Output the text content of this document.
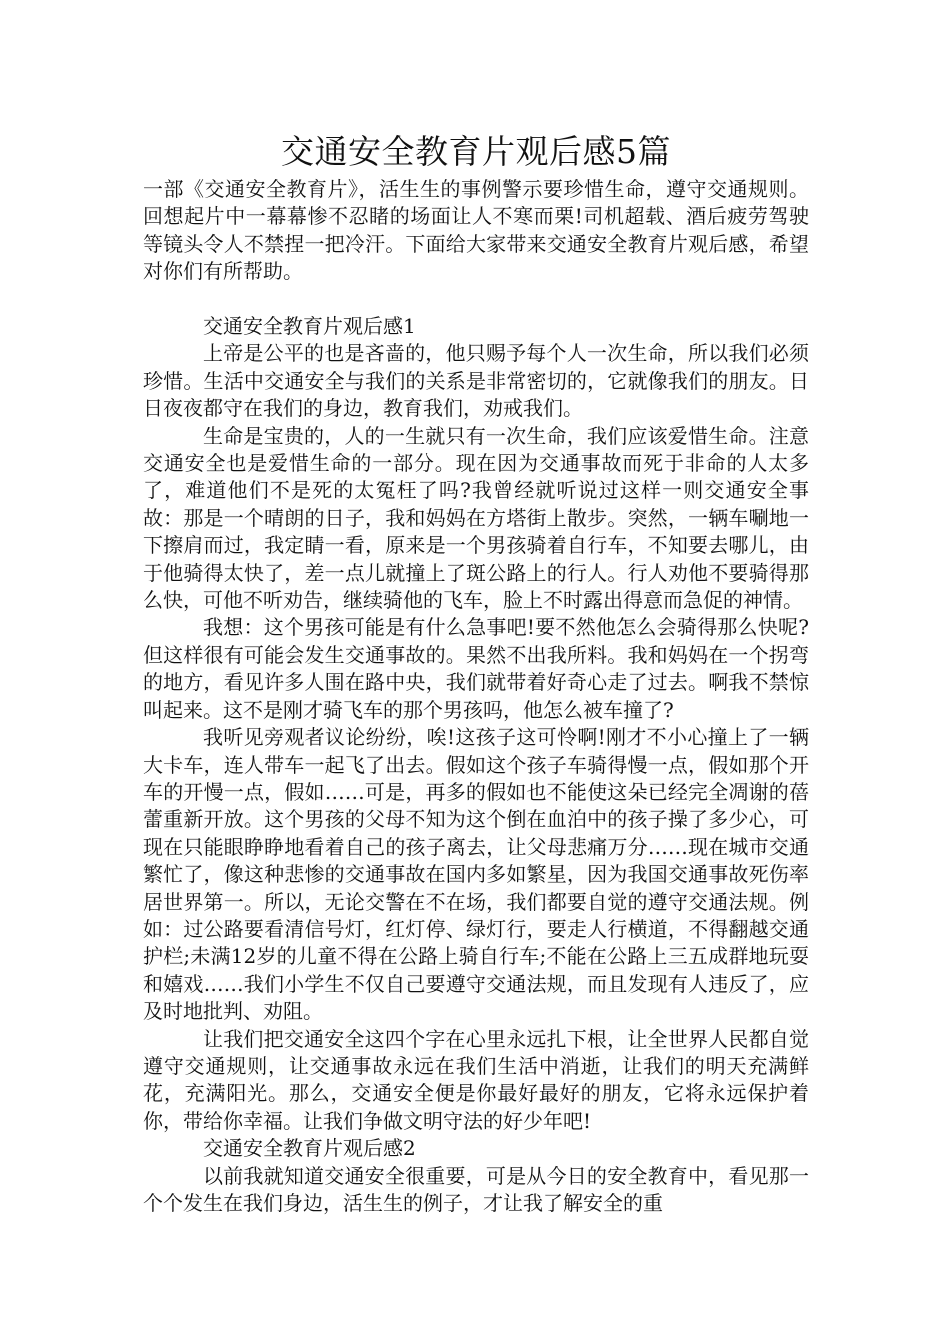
交通安全教育片观后感5篇

一部《交通安全教育片》，活生生的事例警示要珍惜生命，遵守交通规则。回想起片中一幕幕惨不忍睹的场面让人不寒而栗!司机超载、酒后疲劳驾驶等镜头令人不禁捏一把冷汗。下面给大家带来交通安全教育片观后感，希望对你们有所帮助。

交通安全教育片观后感1

上帝是公平的也是吝啬的，他只赐予每个人一次生命，所以我们必须珍惜。生活中交通安全与我们的关系是非常密切的，它就像我们的朋友。日日夜夜都守在我们的身边，教育我们，劝戒我们。

生命是宝贵的，人的一生就只有一次生命，我们应该爱惜生命。注意交通安全也是爱惜生命的一部分。现在因为交通事故而死于非命的人太多了，难道他们不是死的太冤枉了吗?我曾经就听说过这样一则交通安全事故：那是一个晴朗的日子，我和妈妈在方塔街上散步。突然，一辆车唰地一下擦肩而过，我定睛一看，原来是一个男孩骑着自行车，不知要去哪儿，由于他骑得太快了，差一点儿就撞上了斑公路上的行人。行人劝他不要骑得那么快，可他不听劝告，继续骑他的飞车，脸上不时露出得意而急促的神情。

我想：这个男孩可能是有什么急事吧!要不然他怎么会骑得那么快呢?但这样很有可能会发生交通事故的。果然不出我所料。我和妈妈在一个拐弯的地方，看见许多人围在路中央，我们就带着好奇心走了过去。啊我不禁惊叫起来。这不是刚才骑飞车的那个男孩吗，他怎么被车撞了?

我听见旁观者议论纷纷，唉!这孩子这可怜啊!刚才不小心撞上了一辆大卡车，连人带车一起飞了出去。假如这个孩子车骑得慢一点，假如那个开车的开慢一点，假如……可是，再多的假如也不能使这朵已经完全凋谢的蓓蕾重新开放。这个男孩的父母不知为这个倒在血泊中的孩子操了多少心，可现在只能眼睁睁地看着自己的孩子离去，让父母悲痛万分……现在城市交通繁忙了，像这种悲惨的交通事故在国内多如繁星，因为我国交通事故死伤率居世界第一。所以，无论交警在不在场，我们都要自觉的遵守交通法规。例如：过公路要看清信号灯，红灯停、绿灯行，要走人行横道，不得翻越交通护栏;未满12岁的儿童不得在公路上骑自行车;不能在公路上三五成群地玩耍和嬉戏……我们小学生不仅自己要遵守交通法规，而且发现有人违反了，应及时地批判、劝阻。

让我们把交通安全这四个字在心里永远扎下根，让全世界人民都自觉遵守交通规则，让交通事故永远在我们生活中消逝，让我们的明天充满鲜花，充满阳光。那么，交通安全便是你最好最好的朋友，它将永远保护着你，带给你幸福。让我们争做文明守法的好少年吧!

交通安全教育片观后感2

以前我就知道交通安全很重要，可是从今日的安全教育中，看见那一个个发生在我们身边，活生生的例子，才让我了解安全的重
